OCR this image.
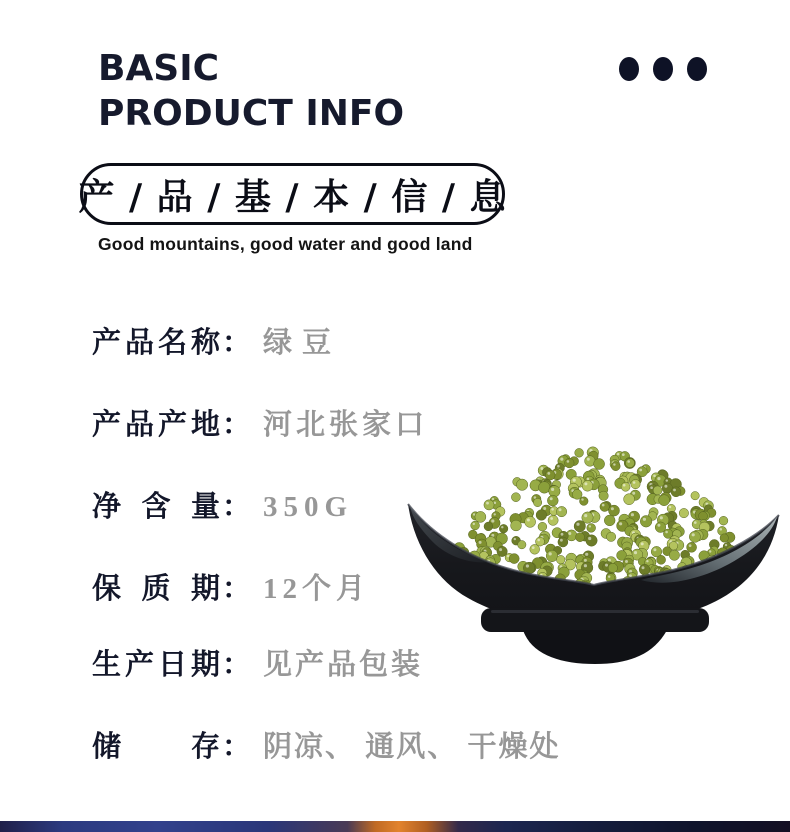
BASIC
PRODUCT INFO
产 / 品 / 基 / 本 / 信 / 息
Good mountains, good water and good land
产品名称： 绿豆
产品产地： 河北张家口
净含量： 350G
保质期： 12个月
生产日期： 见产品包装
储存： 阴凉、 通风、 干燥处
